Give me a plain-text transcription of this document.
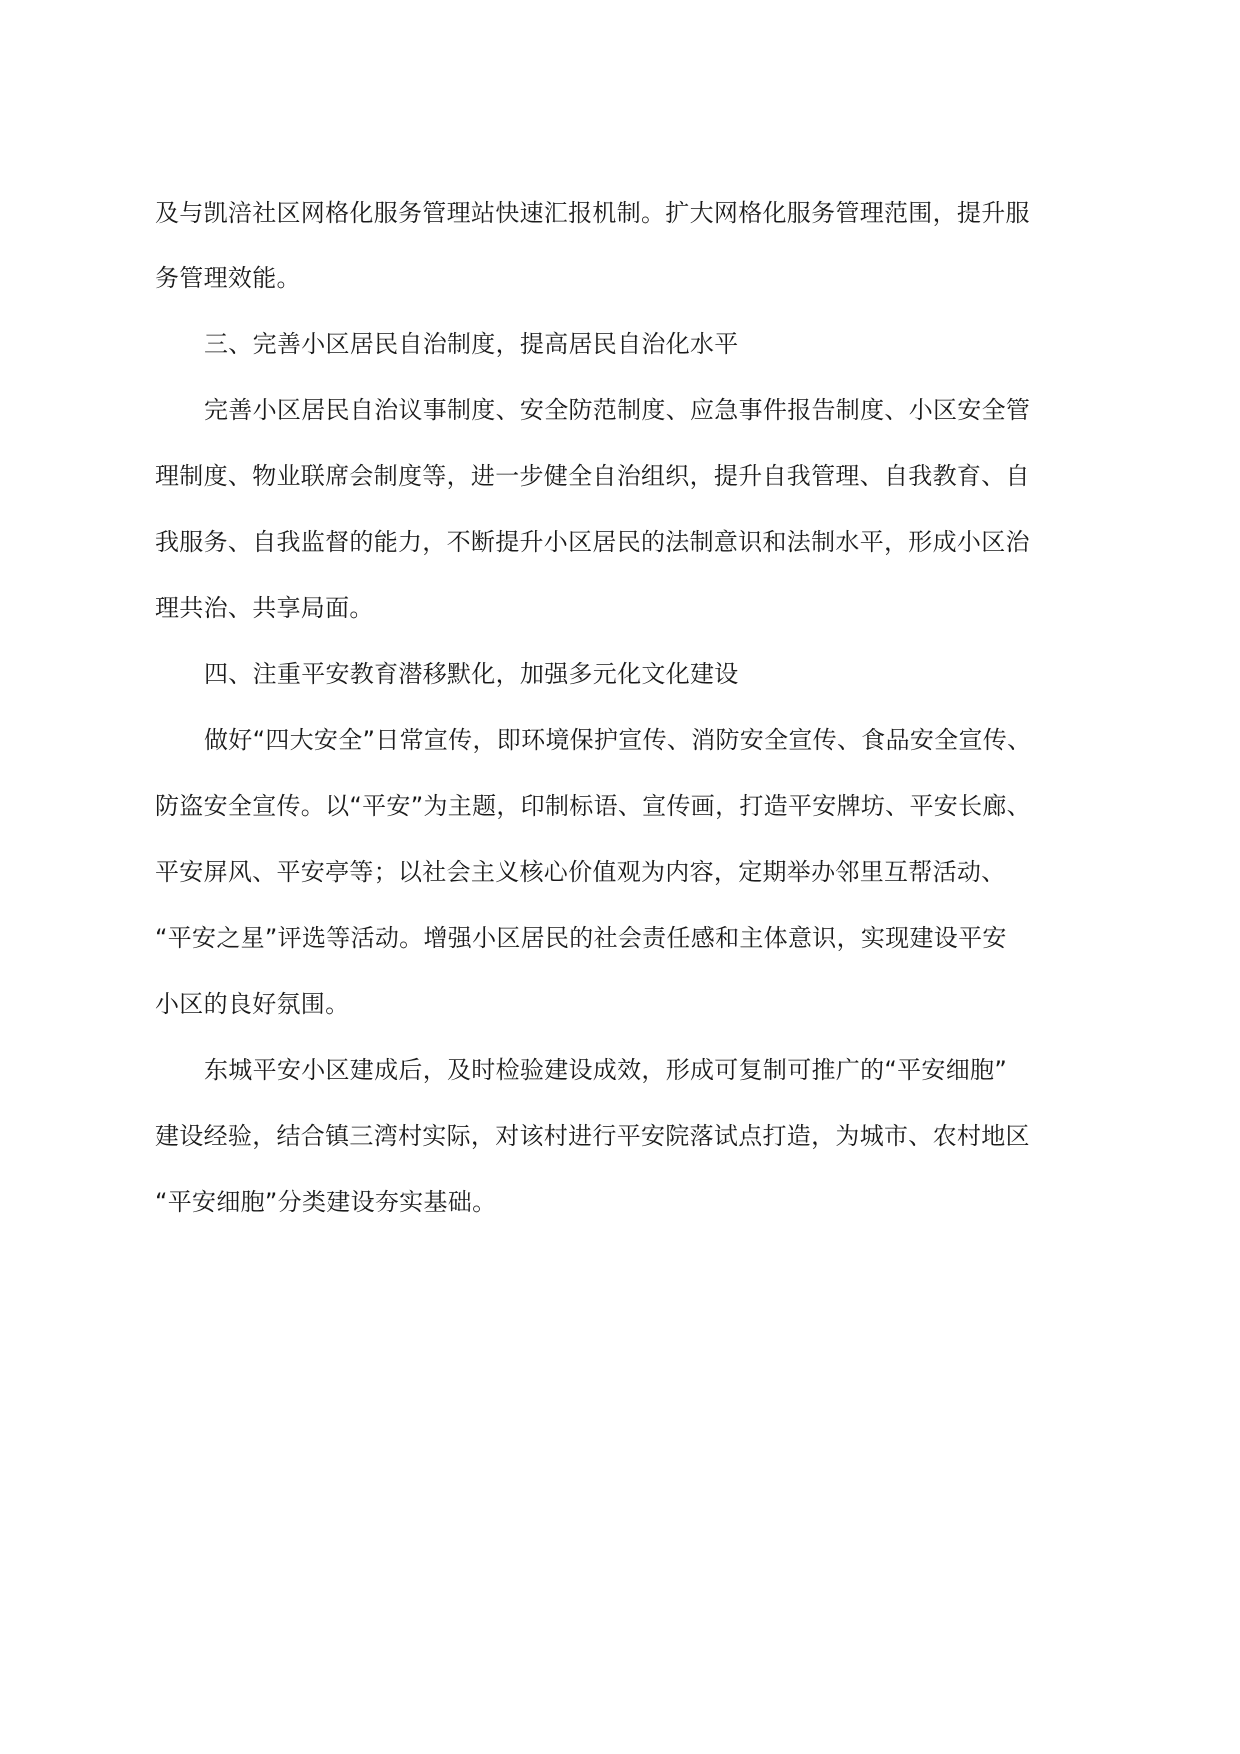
及与凯涪社区网格化服务管理站快速汇报机制。扩大网格化服务管理范围，提升服
务管理效能。
三、完善小区居民自治制度，提高居民自治化水平
完善小区居民自治议事制度、安全防范制度、应急事件报告制度、小区安全管
理制度、物业联席会制度等，进一步健全自治组织，提升自我管理、自我教育、自
我服务、自我监督的能力，不断提升小区居民的法制意识和法制水平，形成小区治
理共治、共享局面。
四、注重平安教育潜移默化，加强多元化文化建设
做好“四大安全”日常宣传，即环境保护宣传、消防安全宣传、食品安全宣传、
防盗安全宣传。以“平安”为主题，印制标语、宣传画，打造平安牌坊、平安长廊、
平安屏风、平安亭等；以社会主义核心价值观为内容，定期举办邻里互帮活动、
“平安之星”评选等活动。增强小区居民的社会责任感和主体意识，实现建设平安
小区的良好氛围。
东城平安小区建成后，及时检验建设成效，形成可复制可推广的“平安细胞”
建设经验，结合镇三湾村实际，对该村进行平安院落试点打造，为城市、农村地区
“平安细胞”分类建设夯实基础。
